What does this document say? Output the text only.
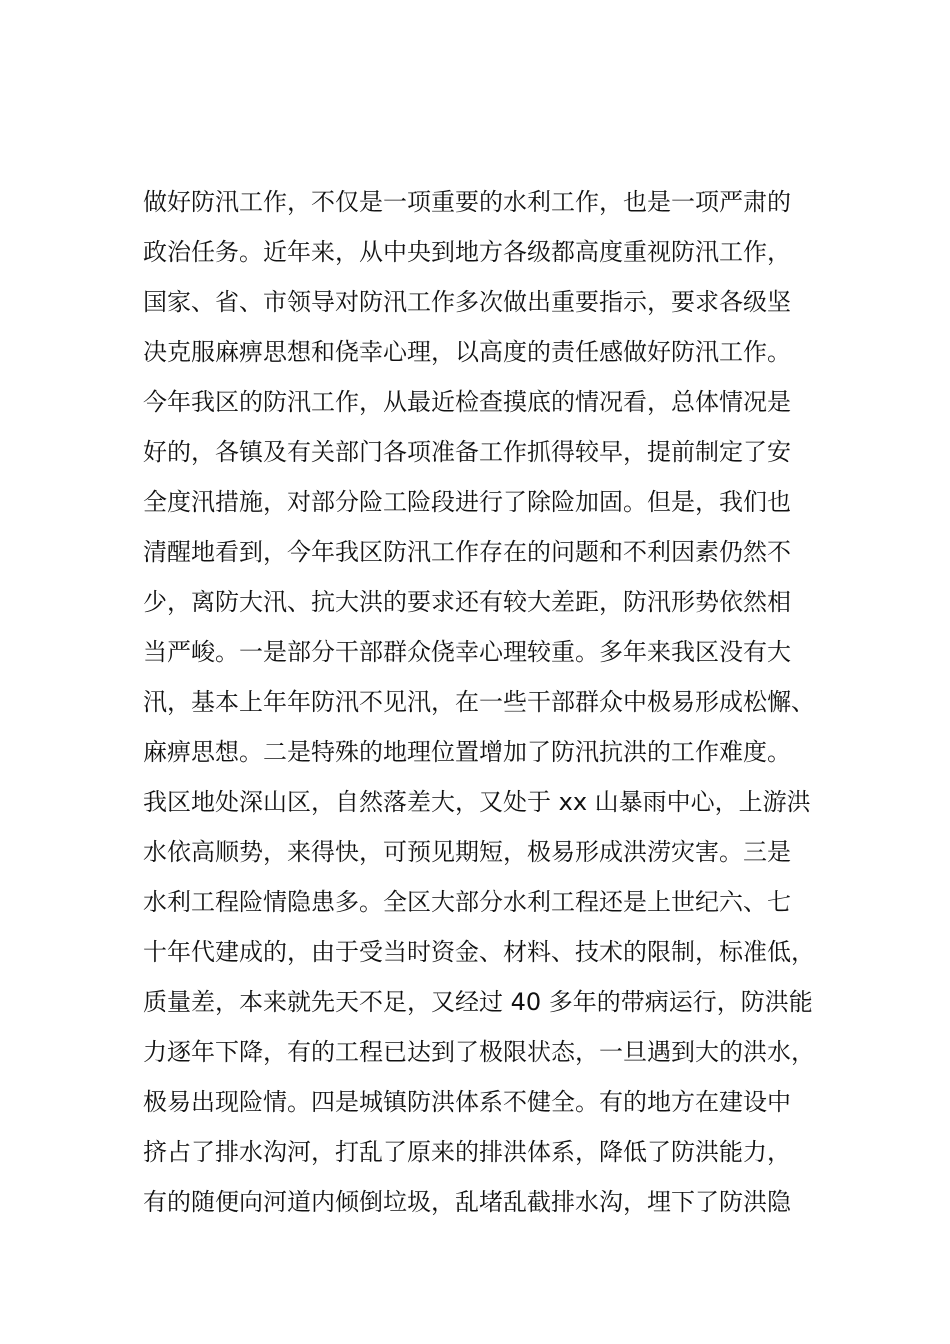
做好防汛工作，不仅是一项重要的水利工作，也是一项严肃的
政治任务。近年来，从中央到地方各级都高度重视防汛工作，
国家、省、市领导对防汛工作多次做出重要指示，要求各级坚
决克服麻痹思想和侥幸心理，以高度的责任感做好防汛工作。
今年我区的防汛工作，从最近检查摸底的情况看，总体情况是
好的，各镇及有关部门各项准备工作抓得较早，提前制定了安
全度汛措施，对部分险工险段进行了除险加固。但是，我们也
清醒地看到，今年我区防汛工作存在的问题和不利因素仍然不
少，离防大汛、抗大洪的要求还有较大差距，防汛形势依然相
当严峻。一是部分干部群众侥幸心理较重。多年来我区没有大
汛，基本上年年防汛不见汛，在一些干部群众中极易形成松懈、
麻痹思想。二是特殊的地理位置增加了防汛抗洪的工作难度。
我区地处深山区，自然落差大，又处于 xx 山暴雨中心，上游洪
水依高顺势，来得快，可预见期短，极易形成洪涝灾害。三是
水利工程险情隐患多。全区大部分水利工程还是上世纪六、七
十年代建成的，由于受当时资金、材料、技术的限制，标准低，
质量差，本来就先天不足，又经过 40 多年的带病运行，防洪能
力逐年下降，有的工程已达到了极限状态，一旦遇到大的洪水，
极易出现险情。四是城镇防洪体系不健全。有的地方在建设中
挤占了排水沟河，打乱了原来的排洪体系，降低了防洪能力，
有的随便向河道内倾倒垃圾，乱堵乱截排水沟，埋下了防洪隐
